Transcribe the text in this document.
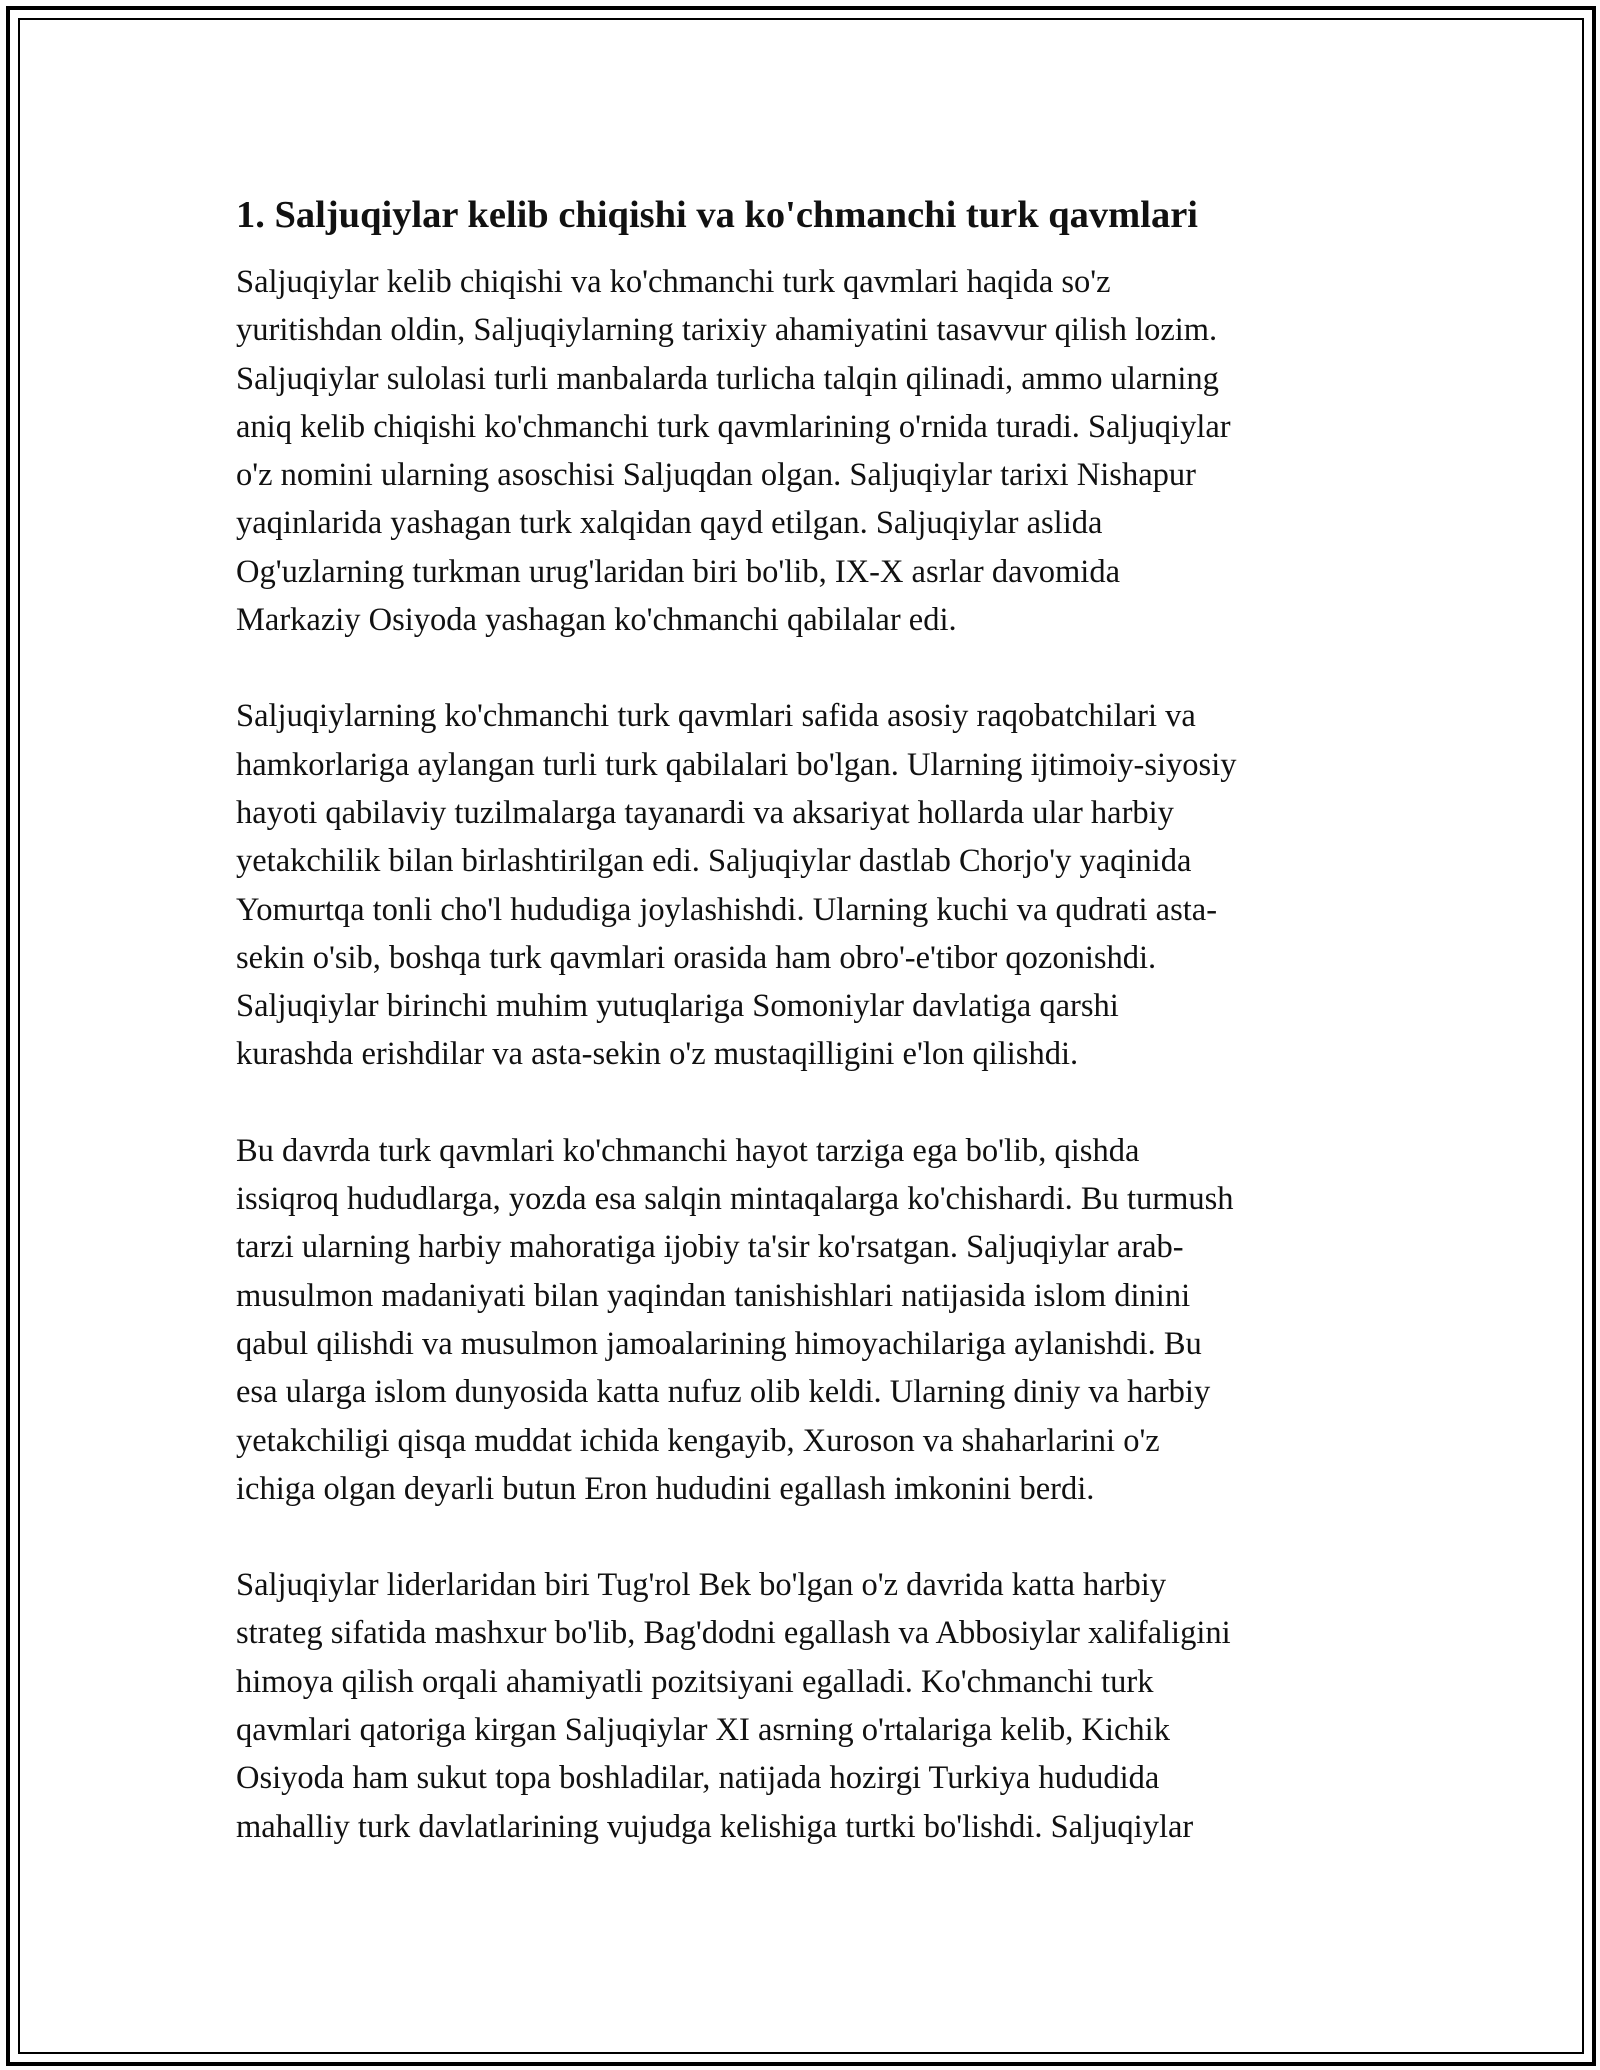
1. Saljuqiylar kelib chiqishi va ko'chmanchi turk qavmlari

Saljuqiylar kelib chiqishi va ko'chmanchi turk qavmlari haqida so'z
yuritishdan oldin, Saljuqiylarning tarixiy ahamiyatini tasavvur qilish lozim.
Saljuqiylar sulolasi turli manbalarda turlicha talqin qilinadi, ammo ularning
aniq kelib chiqishi ko'chmanchi turk qavmlarining o'rnida turadi. Saljuqiylar
o'z nomini ularning asoschisi Saljuqdan olgan. Saljuqiylar tarixi Nishapur
yaqinlarida yashagan turk xalqidan qayd etilgan. Saljuqiylar aslida
Og'uzlarning turkman urug'laridan biri bo'lib, IX-X asrlar davomida
Markaziy Osiyoda yashagan ko'chmanchi qabilalar edi.

Saljuqiylarning ko'chmanchi turk qavmlari safida asosiy raqobatchilari va
hamkorlariga aylangan turli turk qabilalari bo'lgan. Ularning ijtimoiy-siyosiy
hayoti qabilaviy tuzilmalarga tayanardi va aksariyat hollarda ular harbiy
yetakchilik bilan birlashtirilgan edi. Saljuqiylar dastlab Chorjo'y yaqinida
Yomurtqa tonli cho'l hududiga joylashishdi. Ularning kuchi va qudrati asta-
sekin o'sib, boshqa turk qavmlari orasida ham obro'-e'tibor qozonishdi.
Saljuqiylar birinchi muhim yutuqlariga Somoniylar davlatiga qarshi
kurashda erishdilar va asta-sekin o'z mustaqilligini e'lon qilishdi.

Bu davrda turk qavmlari ko'chmanchi hayot tarziga ega bo'lib, qishda
issiqroq hududlarga, yozda esa salqin mintaqalarga ko'chishardi. Bu turmush
tarzi ularning harbiy mahoratiga ijobiy ta'sir ko'rsatgan. Saljuqiylar arab-
musulmon madaniyati bilan yaqindan tanishishlari natijasida islom dinini
qabul qilishdi va musulmon jamoalarining himoyachilariga aylanishdi. Bu
esa ularga islom dunyosida katta nufuz olib keldi. Ularning diniy va harbiy
yetakchiligi qisqa muddat ichida kengayib, Xuroson va shaharlarini o'z
ichiga olgan deyarli butun Eron hududini egallash imkonini berdi.

Saljuqiylar liderlaridan biri Tug'rol Bek bo'lgan o'z davrida katta harbiy
strateg sifatida mashxur bo'lib, Bag'dodni egallash va Abbosiylar xalifaligini
himoya qilish orqali ahamiyatli pozitsiyani egalladi. Ko'chmanchi turk
qavmlari qatoriga kirgan Saljuqiylar XI asrning o'rtalariga kelib, Kichik
Osiyoda ham sukut topa boshladilar, natijada hozirgi Turkiya hududida
mahalliy turk davlatlarining vujudga kelishiga turtki bo'lishdi. Saljuqiylar
